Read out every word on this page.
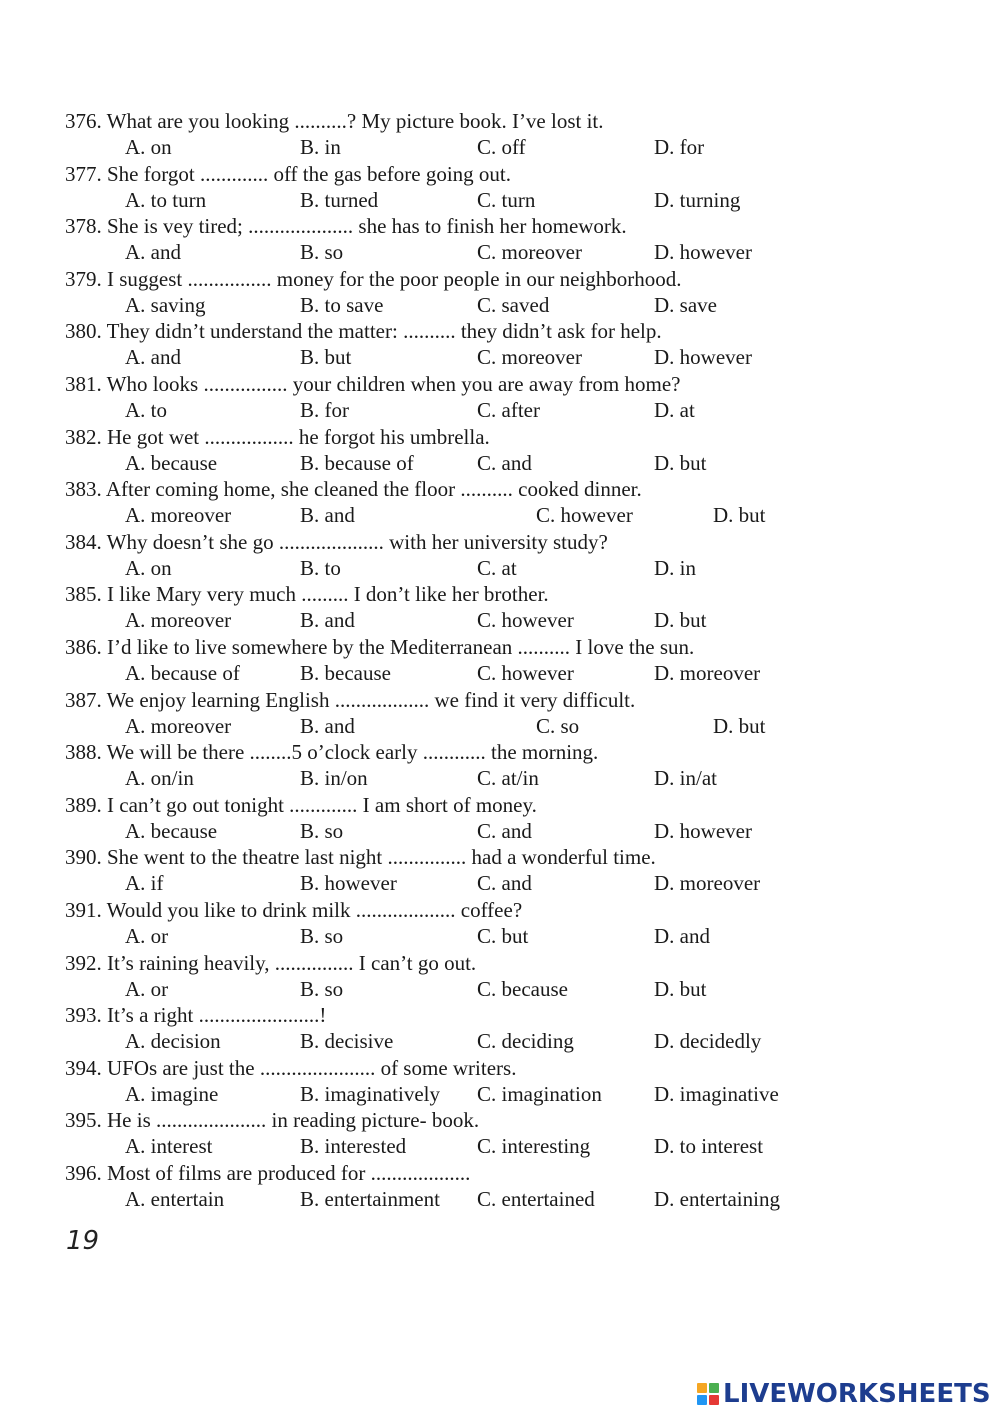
376. What are you looking ..........? My picture book. I’ve lost it.
A. on	B. in	C. off	D. for
377. She forgot ............. off the gas before going out.
A. to turn	B. turned	C. turn	D. turning
378. She is vey tired; .................... she has to finish her homework.
A. and	B. so	C. moreover	D. however
379. I suggest ................ money for the poor people in our neighborhood.
A. saving	B. to save	C. saved	D. save
380. They didn’t understand the matter: .......... they didn’t ask for help.
A. and	B. but	C. moreover	D. however
381. Who looks ................ your children when you are away from home?
A. to	B. for	C. after	D. at
382. He got wet ................. he forgot his umbrella.
A. because	B. because of	C. and	D. but
383. After coming home, she cleaned the floor .......... cooked dinner.
A. moreover	B. and	C. however	D. but
384. Why doesn’t she go .................... with her university study?
A. on	B. to	C. at	D. in
385. I like Mary very much ......... I don’t like her brother.
A. moreover	B. and	C. however	D. but
386. I’d like to live somewhere by the Mediterranean .......... I love the sun.
A. because of	B. because	C. however	D. moreover
387. We enjoy learning English .................. we find it very difficult.
A. moreover	B. and	C. so	D. but
388. We will be there ........5 o’clock early ............ the morning.
A. on/in	B. in/on	C. at/in	D. in/at
389. I can’t go out tonight ............. I am short of money.
A. because	B. so	C. and	D. however
390. She went to the theatre last night ............... had a wonderful time.
A. if	B. however	C. and	D. moreover
391. Would you like to drink milk ................... coffee?
A. or	B. so	C. but	D. and
392. It’s raining heavily, ............... I can’t go out.
A. or	B. so	C. because	D. but
393. It’s a right .......................!
A. decision	B. decisive	C. deciding	D. decidedly
394. UFOs are just the ...................... of some writers.
A. imagine	B. imaginatively C. imagination D. imaginative
395. He is ..................... in reading picture- book.
A. interest	B. interested	C. interesting	D. to interest
396. Most of films are produced for ...................
A. entertain	B. entertainment C. entertained	D. entertaining
19
LIVEWORKSHEETS
